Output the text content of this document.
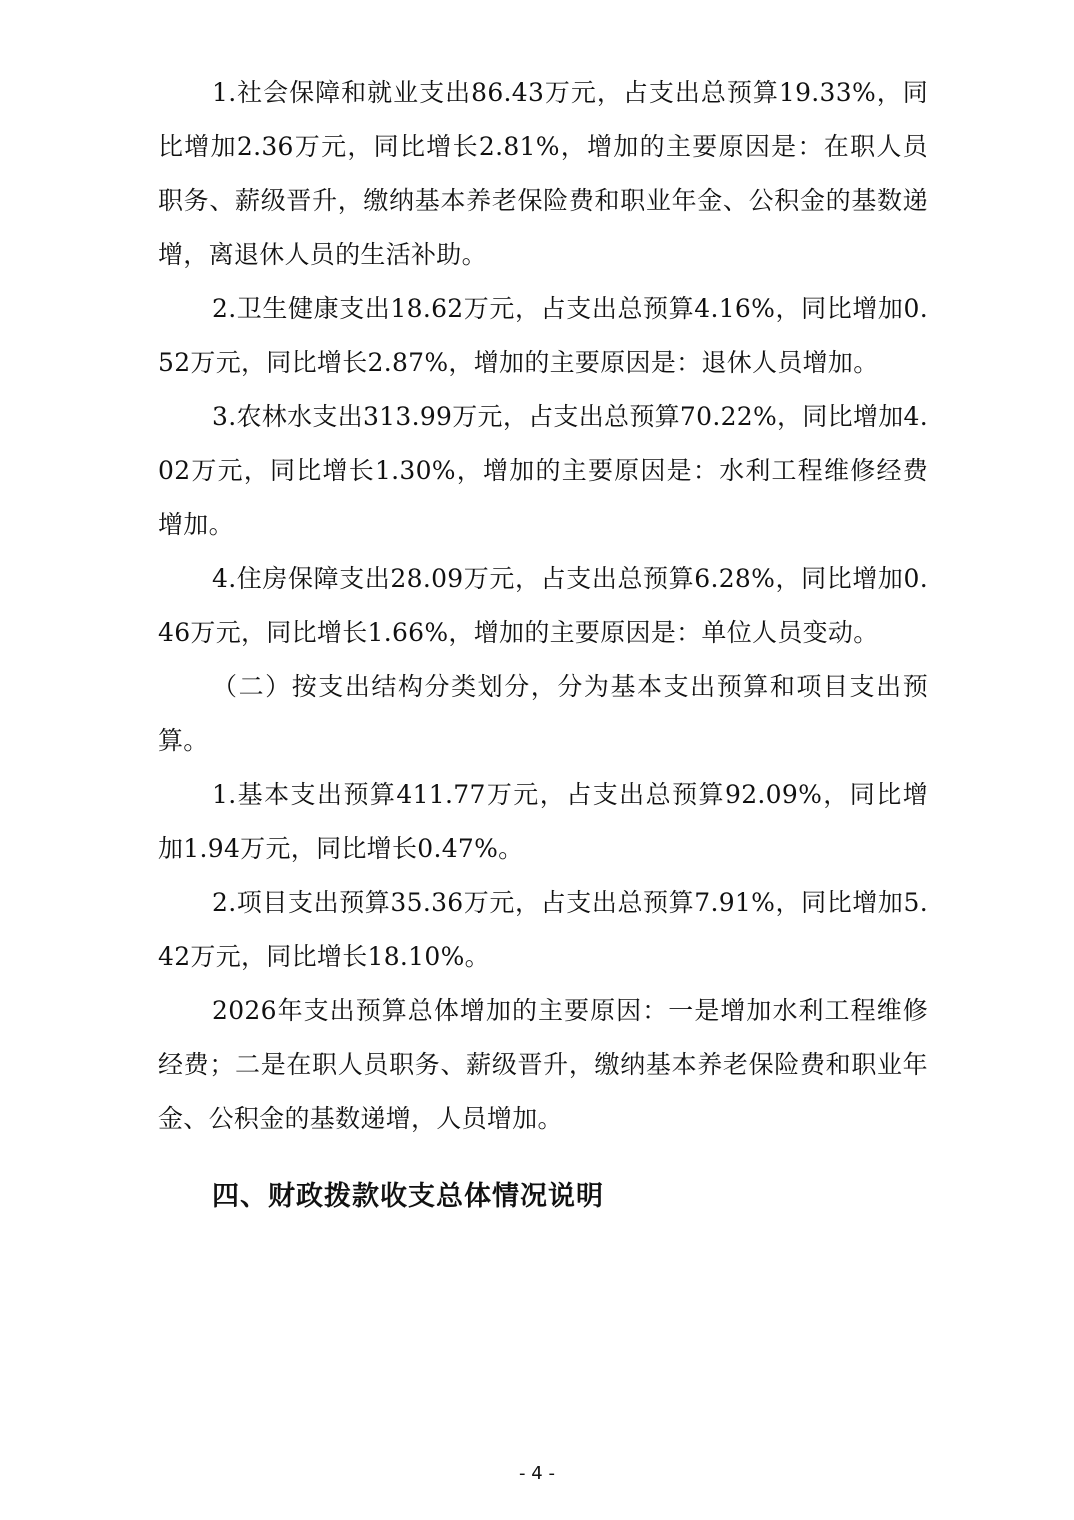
1.社会保障和就业支出86.43万元，占支出总预算19.33%，同比增加2.36万元，同比增长2.81%，增加的主要原因是：在职人员职务、薪级晋升，缴纳基本养老保险费和职业年金、公积金的基数递增，离退休人员的生活补助。

2.卫生健康支出18.62万元，占支出总预算4.16%，同比增加0.52万元，同比增长2.87%，增加的主要原因是：退休人员增加。

3.农林水支出313.99万元，占支出总预算70.22%，同比增加4.02万元，同比增长1.30%，增加的主要原因是：水利工程维修经费增加。

4.住房保障支出28.09万元，占支出总预算6.28%，同比增加0.46万元，同比增长1.66%，增加的主要原因是：单位人员变动。

（二）按支出结构分类划分，分为基本支出预算和项目支出预算。

1.基本支出预算411.77万元，占支出总预算92.09%，同比增加1.94万元，同比增长0.47%。

2.项目支出预算35.36万元，占支出总预算7.91%，同比增加5.42万元，同比增长18.10%。

2026年支出预算总体增加的主要原因：一是增加水利工程维修经费；二是在职人员职务、薪级晋升，缴纳基本养老保险费和职业年金、公积金的基数递增，人员增加。

四、财政拨款收支总体情况说明
- 4 -
